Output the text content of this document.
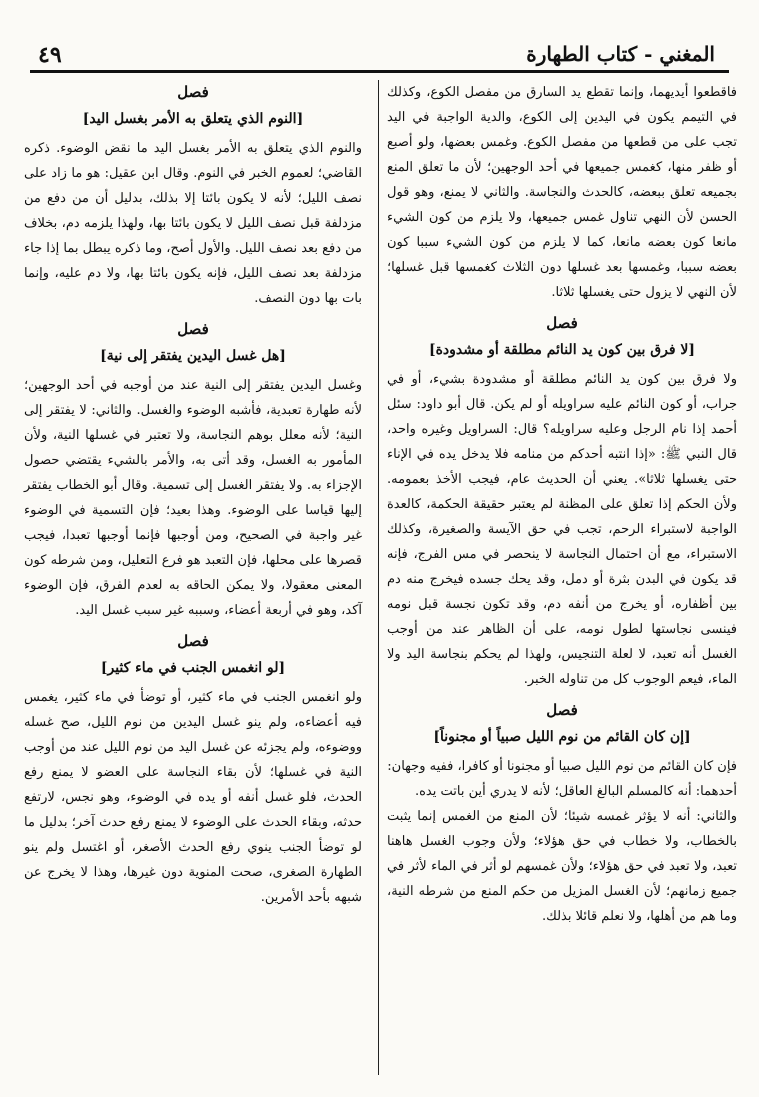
٤٩	المغني - كتاب الطهارة

فاقطعوا أيديهما، وإنما تقطع يد السارق من مفصل الكوع، وكذلك في التيمم يكون في اليدين إلى الكوع، والدية الواجبة في اليد تجب على من قطعها من مفصل الكوع. وغمس بعضها، ولو أصبع أو ظفر منها، كغمس جميعها في أحد الوجهين؛ لأن ما تعلق المنع بجميعه تعلق ببعضه، كالحدث والنجاسة. والثاني لا يمنع، وهو قول الحسن لأن النهي تناول غمس جميعها، ولا يلزم من كون الشيء مانعا كون بعضه مانعا، كما لا يلزم من كون الشيء سببا كون بعضه سببا، وغمسها بعد غسلها دون الثلاث كغمسها قبل غسلها؛ لأن النهي لا يزول حتى يغسلها ثلاثا.

فصل
[لا فرق بين كون يد النائم مطلقة أو مشدودة]

ولا فرق بين كون يد النائم مطلقة أو مشدودة بشيء، أو في جراب، أو كون النائم عليه سراويله أو لم يكن. قال أبو داود: سئل أحمد إذا نام الرجل وعليه سراويله؟ قال: السراويل وغيره واحد، قال النبي ﷺ: «إذا انتبه أحدكم من منامه فلا يدخل يده في الإناء حتى يغسلها ثلاثا». يعني أن الحديث عام، فيجب الأخذ بعمومه. ولأن الحكم إذا تعلق على المظنة لم يعتبر حقيقة الحكمة، كالعدة الواجبة لاستبراء الرحم، تجب في حق الآيسة والصغيرة، وكذلك الاستبراء، مع أن احتمال النجاسة لا ينحصر في مس الفرج، فإنه قد يكون في البدن بثرة أو دمل، وقد يحك جسده فيخرج منه دم بين أظفاره، أو يخرج من أنفه دم، وقد تكون نجسة قبل نومه فينسى نجاستها لطول نومه، على أن الظاهر عند من أوجب الغسل أنه تعبد، لا لعلة التنجيس، ولهذا لم يحكم بنجاسة اليد ولا الماء، فيعم الوجوب كل من تناوله الخبر.

فصل
[إن كان القائم من نوم الليل صبياً أو مجنوناً]

فإن كان القائم من نوم الليل صبيا أو مجنونا أو كافرا، ففيه وجهان:

أحدهما: أنه كالمسلم البالغ العاقل؛ لأنه لا يدري أين باتت يده.

والثاني: أنه لا يؤثر غمسه شيئا؛ لأن المنع من الغمس إنما يثبت بالخطاب، ولا خطاب في حق هؤلاء؛ ولأن وجوب الغسل هاهنا تعبد، ولا تعبد في حق هؤلاء؛ ولأن غمسهم لو أثر في الماء لأثر في جميع زمانهم؛ لأن الغسل المزيل من حكم المنع من شرطه النية، وما هم من أهلها، ولا نعلم قائلا بذلك.

فصل
[النوم الذي يتعلق به الأمر بغسل اليد]

والنوم الذي يتعلق به الأمر بغسل اليد ما نقض الوضوء. ذكره القاضي؛ لعموم الخبر في النوم. وقال ابن عقيل: هو ما زاد على نصف الليل؛ لأنه لا يكون بائتا إلا بذلك، بدليل أن من دفع من مزدلفة قبل نصف الليل لا يكون بائتا بها، ولهذا يلزمه دم، بخلاف من دفع بعد نصف الليل. والأول أصح، وما ذكره يبطل بما إذا جاء مزدلفة بعد نصف الليل، فإنه يكون بائتا بها، ولا دم عليه، وإنما بات بها دون النصف.

فصل
[هل غسل اليدين يفتقر إلى نية]

وغسل اليدين يفتقر إلى النية عند من أوجبه في أحد الوجهين؛ لأنه طهارة تعبدية، فأشبه الوضوء والغسل. والثاني: لا يفتقر إلى النية؛ لأنه معلل بوهم النجاسة، ولا تعتبر في غسلها النية، ولأن المأمور به الغسل، وقد أتى به، والأمر بالشيء يقتضي حصول الإجزاء به. ولا يفتقر الغسل إلى تسمية. وقال أبو الخطاب يفتقر إليها قياسا على الوضوء. وهذا بعيد؛ فإن التسمية في الوضوء غير واجبة في الصحيح، ومن أوجبها فإنما أوجبها تعبدا، فيجب قصرها على محلها، فإن التعبد هو فرع التعليل، ومن شرطه كون المعنى معقولا، ولا يمكن الحاقه به لعدم الفرق، فإن الوضوء آكد، وهو في أربعة أعضاء، وسببه غير سبب غسل اليد.

فصل
[لو انغمس الجنب في ماء كثير]

ولو انغمس الجنب في ماء كثير، أو توضأ في ماء كثير، يغمس فيه أعضاءه، ولم ينو غسل اليدين من نوم الليل، صح غسله ووضوءه، ولم يجزئه عن غسل اليد من نوم الليل عند من أوجب النية في غسلها؛ لأن بقاء النجاسة على العضو لا يمنع رفع الحدث، فلو غسل أنفه أو يده في الوضوء، وهو نجس، لارتفع حدثه، وبقاء الحدث على الوضوء لا يمنع رفع حدث آخر؛ بدليل ما لو توضأ الجنب ينوي رفع الحدث الأصغر، أو اغتسل ولم ينو الطهارة الصغرى، صحت المنوية دون غيرها، وهذا لا يخرج عن شبهه بأحد الأمرين.
